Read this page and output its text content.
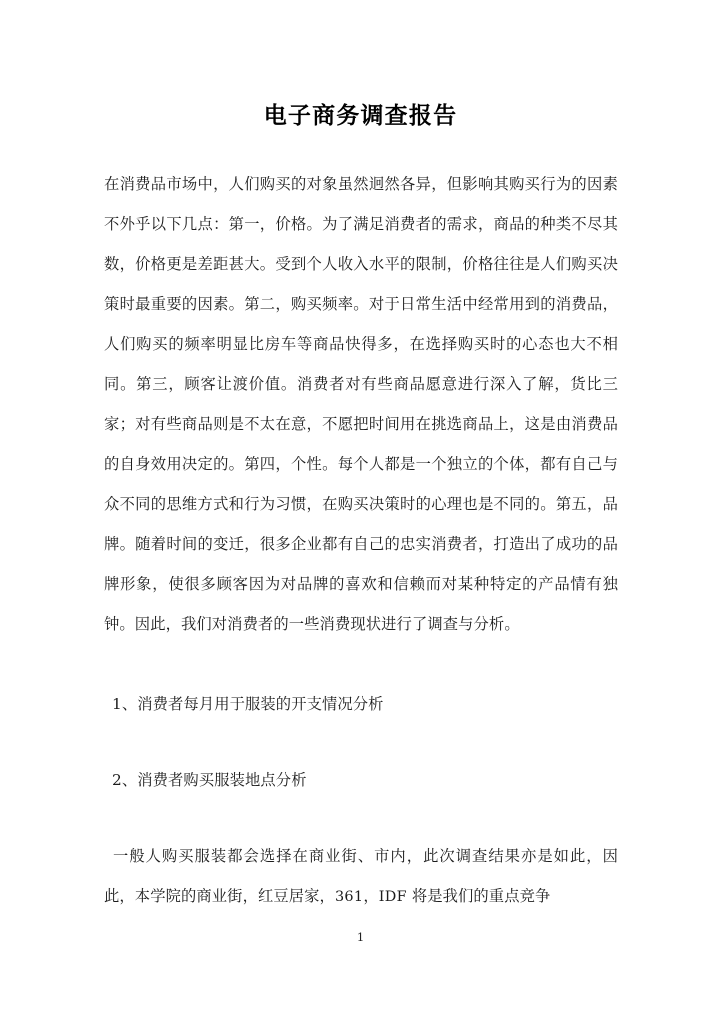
电子商务调查报告

在消费品市场中，人们购买的对象虽然迥然各异，但影响其购买行为的因素不外乎以下几点：第一，价格。为了满足消费者的需求，商品的种类不尽其数，价格更是差距甚大。受到个人收入水平的限制，价格往往是人们购买决策时最重要的因素。第二，购买频率。对于日常生活中经常用到的消费品，人们购买的频率明显比房车等商品快得多，在选择购买时的心态也大不相同。第三，顾客让渡价值。消费者对有些商品愿意进行深入了解，货比三家；对有些商品则是不太在意，不愿把时间用在挑选商品上，这是由消费品的自身效用决定的。第四，个性。每个人都是一个独立的个体，都有自己与众不同的思维方式和行为习惯，在购买决策时的心理也是不同的。第五，品牌。随着时间的变迁，很多企业都有自己的忠实消费者，打造出了成功的品牌形象，使很多顾客因为对品牌的喜欢和信赖而对某种特定的产品情有独钟。因此，我们对消费者的一些消费现状进行了调查与分析。

1、消费者每月用于服装的开支情况分析

2、消费者购买服装地点分析

一般人购买服装都会选择在商业街、市内，此次调查结果亦是如此，因此，本学院的商业街，红豆居家，361，IDF 将是我们的重点竞争

1
